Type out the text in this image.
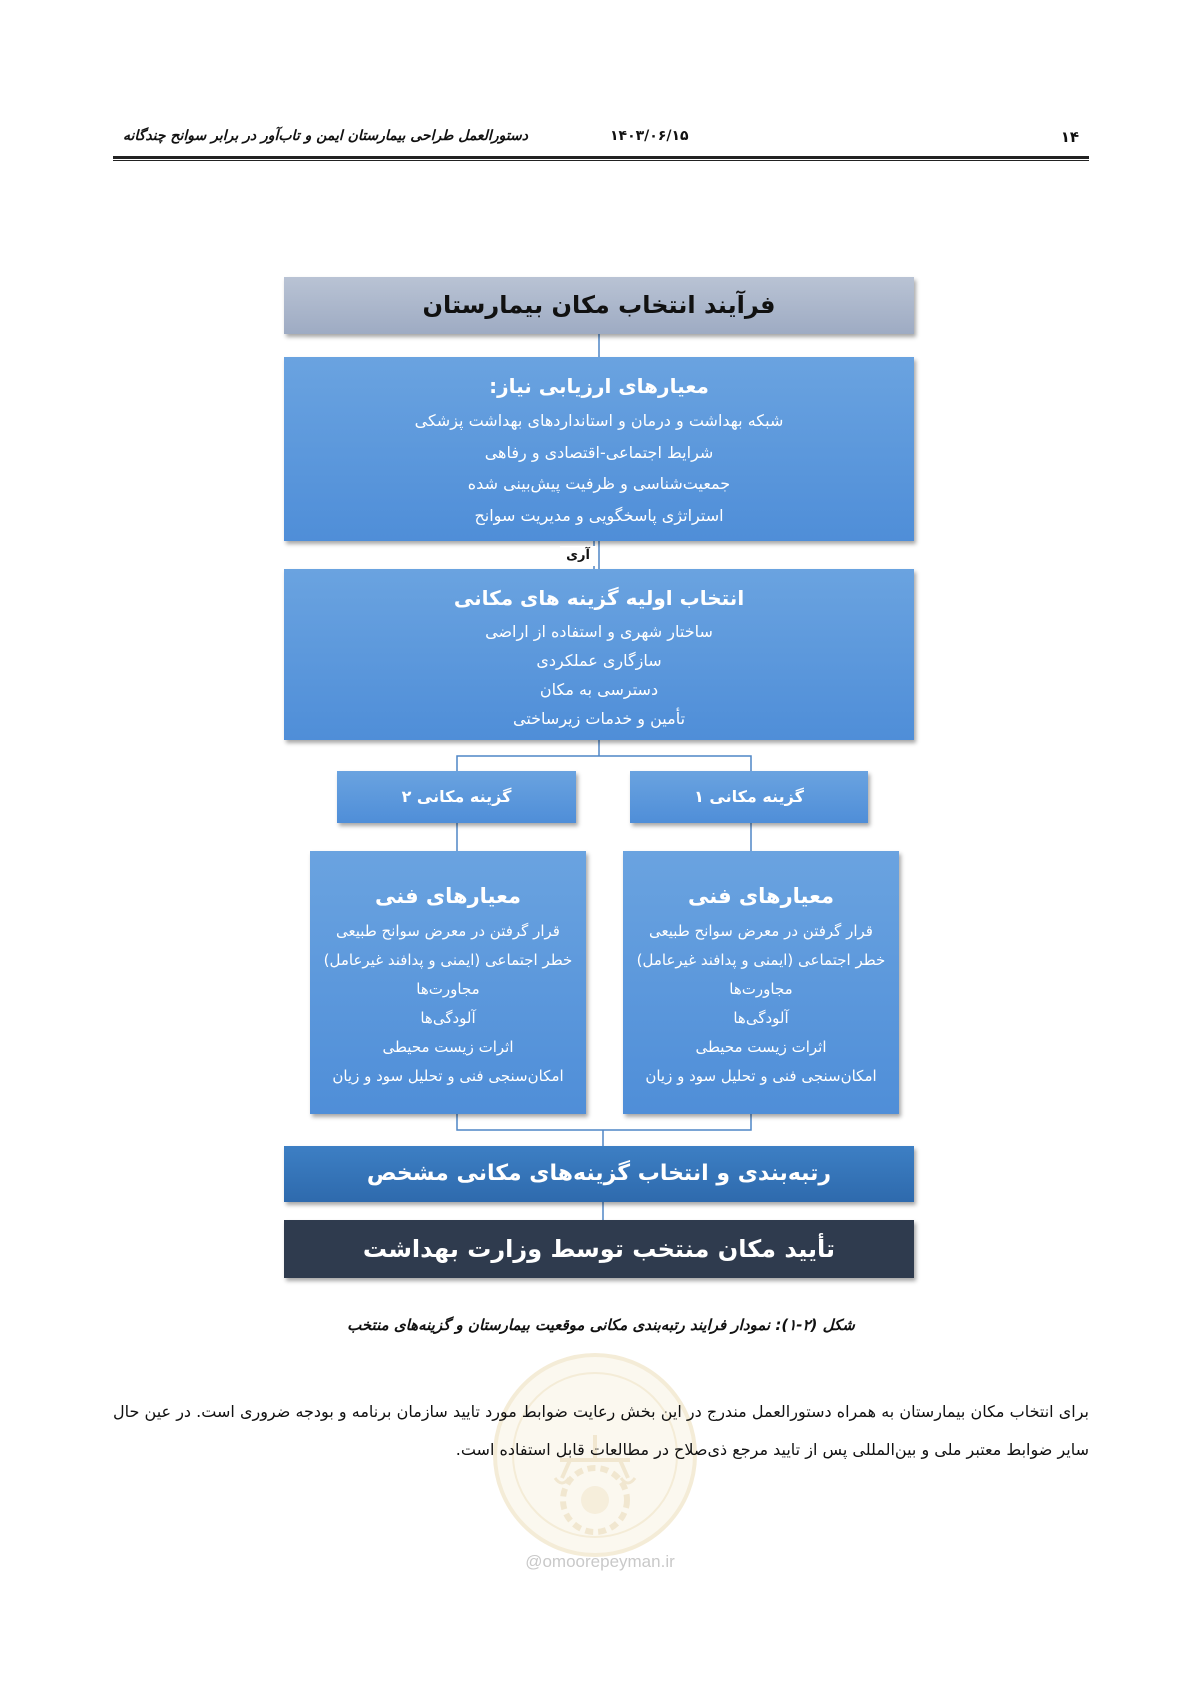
۱۴
۱۴۰۳/۰۶/۱۵
دستورالعمل طراحی بیمارستان ایمن و تاب‌آور در برابر سوانح چندگانه
فرآیند انتخاب مکان بیمارستان
معیارهای ارزیابی نیاز:
شبکه بهداشت و درمان و استانداردهای بهداشت پزشکی
شرایط اجتماعی-اقتصادی و رفاهی
جمعیت‌شناسی و ظرفیت پیش‌بینی شده
استراتژی پاسخگویی و مدیریت سوانح
آری
انتخاب اولیه گزینه های مکانی
ساختار شهری و استفاده از اراضی
سازگاری عملکردی
دسترسی به مکان
تأمین و خدمات زیرساختی
گزینه مکانی ۱
گزینه مکانی ۲
معیارهای فنی
قرار گرفتن در معرض سوانح طبیعی
خطر اجتماعی (ایمنی و پدافند غیرعامل)
مجاورت‌ها
آلودگی‌ها
اثرات زیست محیطی
امکان‌سنجی فنی و تحلیل سود و زیان
معیارهای فنی
قرار گرفتن در معرض سوانح طبیعی
خطر اجتماعی (ایمنی و پدافند غیرعامل)
مجاورت‌ها
آلودگی‌ها
اثرات زیست محیطی
امکان‌سنجی فنی و تحلیل سود و زیان
رتبه‌بندی و انتخاب گزینه‌های مکانی مشخص
تأیید مکان منتخب توسط وزارت بهداشت
شکل (۲-۱): نمودار فرایند رتبه‌بندی مکانی موقعیت بیمارستان و گزینه‌های منتخب
@omoorepeyman.ir
برای انتخاب مکان بیمارستان به همراه دستورالعمل مندرج در این بخش رعایت ضوابط مورد تایید سازمان برنامه و بودجه ضروری است. در عین حال سایر ضوابط معتبر ملی و بین‌المللی پس از تایید مرجع ذی‌صلاح در مطالعات قابل استفاده است.
